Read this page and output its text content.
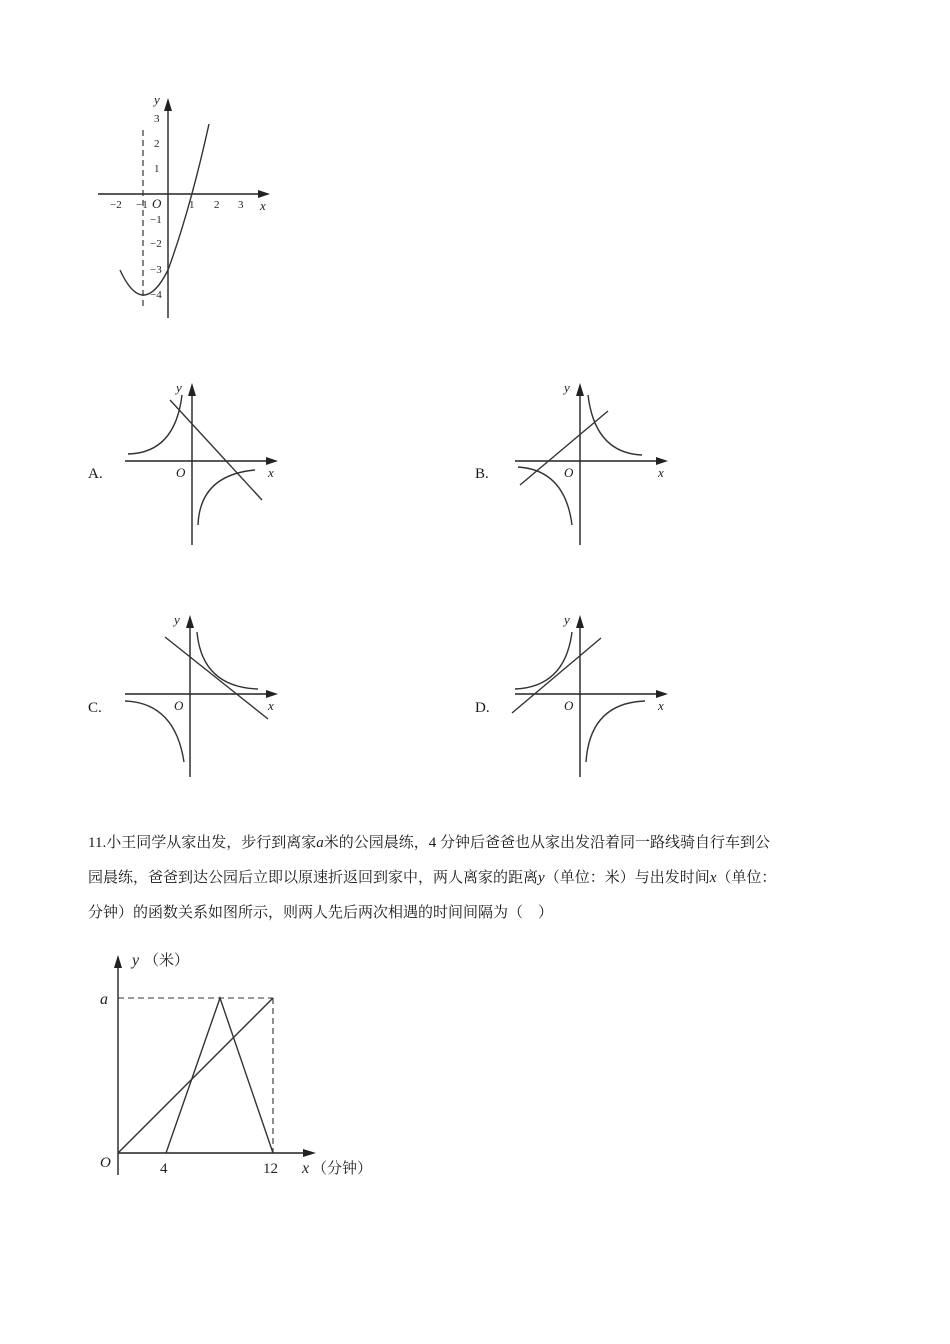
y
x
O
−2 −1	1 2 3
3
2
1
−1
−2
−3
−4
A.
y
x
O	B.
y
x
O
C.
y
x
O	D.
y
x
O

11.小王同学从家出发，步行到离家a米的公园晨练，4 分钟后爸爸也从家出发沿着同一路线骑自行车到公

园晨练，爸爸到达公园后立即以原速折返回到家中，两人离家的距离y（单位：米）与出发时间x（单位：

分钟）的函数关系如图所示，则两人先后两次相遇的时间间隔为（　）

y （米）
a
O	4	12 x （分钟）
